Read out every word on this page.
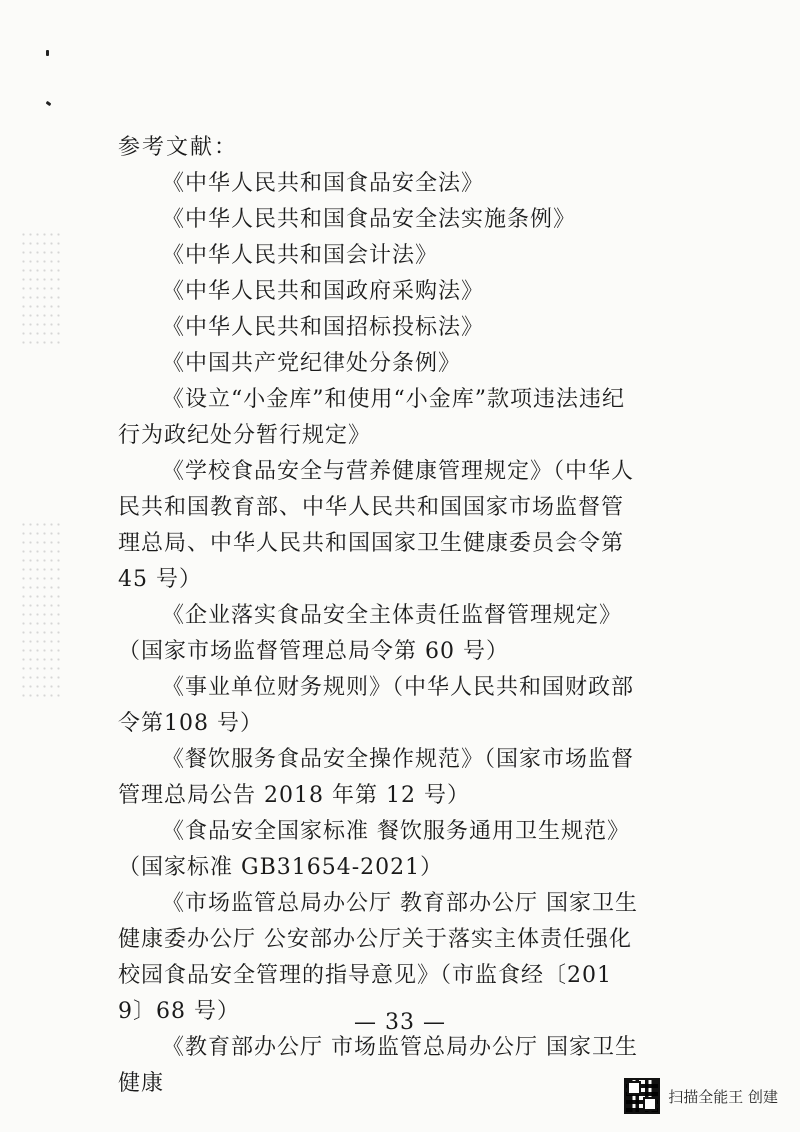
参考文献：

《中华人民共和国食品安全法》

《中华人民共和国食品安全法实施条例》

《中华人民共和国会计法》

《中华人民共和国政府采购法》

《中华人民共和国招标投标法》

《中国共产党纪律处分条例》

《设立“小金库”和使用“小金库”款项违法违纪行为政纪处分暂行规定》

《学校食品安全与营养健康管理规定》（中华人民共和国教育部、中华人民共和国国家市场监督管理总局、中华人民共和国国家卫生健康委员会令第 45 号）

《企业落实食品安全主体责任监督管理规定》（国家市场监督管理总局令第 60 号）

《事业单位财务规则》（中华人民共和国财政部令第108 号）

《餐饮服务食品安全操作规范》（国家市场监督管理总局公告 2018 年第 12 号）

《食品安全国家标准 餐饮服务通用卫生规范》（国家标准 GB31654-2021）

《市场监管总局办公厅 教育部办公厅 国家卫生健康委办公厅 公安部办公厅关于落实主体责任强化校园食品安全管理的指导意见》（市监食经〔2019〕68 号）

《教育部办公厅 市场监管总局办公厅 国家卫生健康

— 33 —
扫描全能王 创建
